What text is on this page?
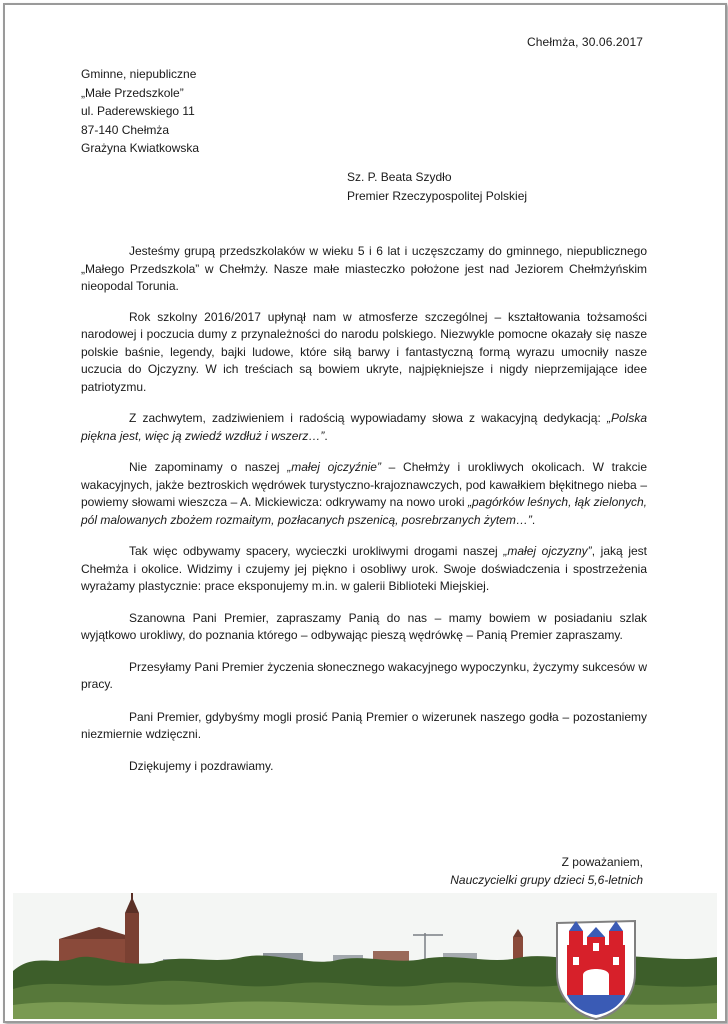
Chełmża, 30.06.2017
Gminne, niepubliczne
„Małe Przedszkole”
ul. Paderewskiego 11
87-140 Chełmża
Grażyna Kwiatkowska
Sz. P. Beata Szydło
Premier Rzeczypospolitej Polskiej

Jesteśmy grupą przedszkolaków w wieku 5 i 6 lat i uczęszczamy do gminnego, niepublicznego „Małego Przedszkola” w Chełmży. Nasze małe miasteczko położone jest nad Jeziorem Chełmżyńskim nieopodal Torunia.

Rok szkolny 2016/2017 upłynął nam w atmosferze szczególnej – kształtowania tożsamości narodowej i poczucia dumy z przynależności do narodu polskiego. Niezwykle pomocne okazały się nasze polskie baśnie, legendy, bajki ludowe, które siłą barwy i fantastyczną formą wyrazu umocniły nasze uczucia do Ojczyzny. W ich treściach są bowiem ukryte, najpiękniejsze i nigdy nieprzemijające idee patriotyzmu.

Z zachwytem, zadziwieniem i radością wypowiadamy słowa z wakacyjną dedykacją: „Polska piękna jest, więc ją zwiedź wzdłuż i wszerz…”.

Nie zapominamy o naszej „małej ojczyźnie” – Chełmży i urokliwych okolicach. W trakcie wakacyjnych, jakże beztroskich wędrówek turystyczno-krajoznawczych, pod kawałkiem błękitnego nieba – powiemy słowami wieszcza – A. Mickiewicza: odkrywamy na nowo uroki „pagórków leśnych, łąk zielonych, pól malowanych zbożem rozmaitym, pozłacanych pszenicą, posrebrzanych żytem…”.

Tak więc odbywamy spacery, wycieczki urokliwymi drogami naszej „małej ojczyzny”, jaką jest Chełmża i okolice. Widzimy i czujemy jej piękno i osobliwy urok. Swoje doświadczenia i spostrzeżenia wyrażamy plastycznie: prace eksponujemy m.in. w galerii Biblioteki Miejskiej.

Szanowna Pani Premier, zapraszamy Panią do nas – mamy bowiem w posiadaniu szlak wyjątkowo urokliwy, do poznania którego – odbywając pieszą wędrówkę – Panią Premier zapraszamy.

Przesyłamy Pani Premier życzenia słonecznego wakacyjnego wypoczynku, życzymy sukcesów w pracy.

Pani Premier, gdybyśmy mogli prosić Panią Premier o wizerunek naszego godła – pozostaniemy niezmiernie wdzięczni.

Dziękujemy i pozdrawiamy.

Z poważaniem,
Nauczycielki grupy dzieci 5,6-letnich
